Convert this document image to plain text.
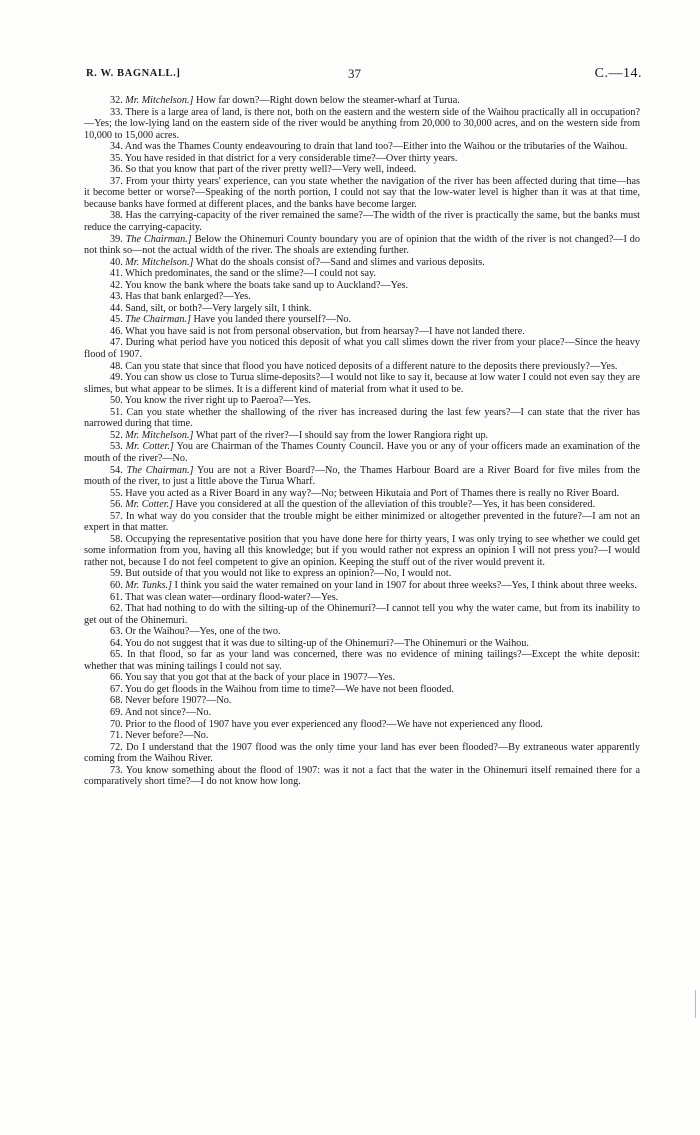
R. W. BAGNALL.]	37	C.—14.

32. Mr. Mitchelson.] How far down?—Right down below the steamer-wharf at Turua.

33. There is a large area of land, is there not, both on the eastern and the western side of the Waihou practically all in occupation?—Yes; the low-lying land on the eastern side of the river would be anything from 20,000 to 30,000 acres, and on the western side from 10,000 to 15,000 acres.

34. And was the Thames County endeavouring to drain that land too?—Either into the Waihou or the tributaries of the Waihou.

35. You have resided in that district for a very considerable time?—Over thirty years.

36. So that you know that part of the river pretty well?—Very well, indeed.

37. From your thirty years' experience, can you state whether the navigation of the river has been affected during that time—has it become better or worse?—Speaking of the north portion, I could not say that the low-water level is higher than it was at that time, because banks have formed at different places, and the banks have become larger.

38. Has the carrying-capacity of the river remained the same?—The width of the river is practically the same, but the banks must reduce the carrying-capacity.

39. The Chairman.] Below the Ohinemuri County boundary you are of opinion that the width of the river is not changed?—I do not think so—not the actual width of the river. The shoals are extending further.

40. Mr. Mitchelson.] What do the shoals consist of?—Sand and slimes and various deposits.

41. Which predominates, the sand or the slime?—I could not say.

42. You know the bank where the boats take sand up to Auckland?—Yes.

43. Has that bank enlarged?—Yes.

44. Sand, silt, or both?—Very largely silt, I think.

45. The Chairman.] Have you landed there yourself?—No.

46. What you have said is not from personal observation, but from hearsay?—I have not landed there.

47. During what period have you noticed this deposit of what you call slimes down the river from your place?—Since the heavy flood of 1907.

48. Can you state that since that flood you have noticed deposits of a different nature to the deposits there previously?—Yes.

49. You can show us close to Turua slime-deposits?—I would not like to say it, because at low water I could not even say they are slimes, but what appear to be slimes. It is a different kind of material from what it used to be.

50. You know the river right up to Paeroa?—Yes.

51. Can you state whether the shallowing of the river has increased during the last few years?—I can state that the river has narrowed during that time.

52. Mr. Mitchelson.] What part of the river?—I should say from the lower Rangiora right up.

53. Mr. Cotter.] You are Chairman of the Thames County Council. Have you or any of your officers made an examination of the mouth of the river?—No.

54. The Chairman.] You are not a River Board?—No, the Thames Harbour Board are a River Board for five miles from the mouth of the river, to just a little above the Turua Wharf.

55. Have you acted as a River Board in any way?—No; between Hikutaia and Port of Thames there is really no River Board.

56. Mr. Cotter.] Have you considered at all the question of the alleviation of this trouble?—Yes, it has been considered.

57. In what way do you consider that the trouble might be either minimized or altogether prevented in the future?—I am not an expert in that matter.

58. Occupying the representative position that you have done here for thirty years, I was only trying to see whether we could get some information from you, having all this knowledge; but if you would rather not express an opinion I will not press you?—I would rather not, because I do not feel competent to give an opinion. Keeping the stuff out of the river would prevent it.

59. But outside of that you would not like to express an opinion?—No, I would not.

60. Mr. Tunks.] I think you said the water remained on your land in 1907 for about three weeks?—Yes, I think about three weeks.

61. That was clean water—ordinary flood-water?—Yes.

62. That had nothing to do with the silting-up of the Ohinemuri?—I cannot tell you why the water came, but from its inability to get out of the Ohinemuri.

63. Or the Waihou?—Yes, one of the two.

64. You do not suggest that it was due to silting-up of the Ohinemuri?—The Ohinemuri or the Waihou.

65. In that flood, so far as your land was concerned, there was no evidence of mining tailings?—Except the white deposit: whether that was mining tailings I could not say.

66. You say that you got that at the back of your place in 1907?—Yes.

67. You do get floods in the Waihou from time to time?—We have not been flooded.

68. Never before 1907?—No.

69. And not since?—No.

70. Prior to the flood of 1907 have you ever experienced any flood?—We have not experienced any flood.

71. Never before?—No.

72. Do I understand that the 1907 flood was the only time your land has ever been flooded?—By extraneous water apparently coming from the Waihou River.

73. You know something about the flood of 1907: was it not a fact that the water in the Ohinemuri itself remained there for a comparatively short time?—I do not know how long.
